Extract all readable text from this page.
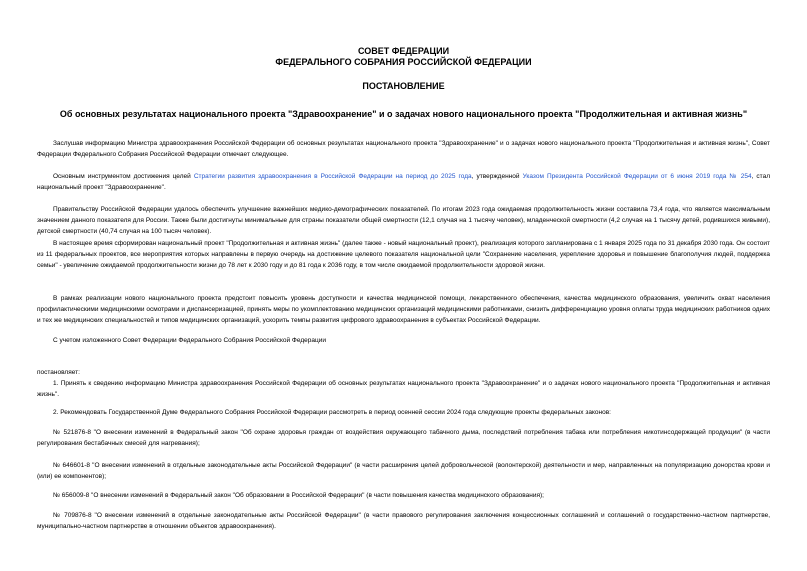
СОВЕТ ФЕДЕРАЦИИ

ФЕДЕРАЛЬНОГО СОБРАНИЯ РОССИЙСКОЙ ФЕДЕРАЦИИ

ПОСТАНОВЛЕНИЕ

Об основных результатах национального проекта "Здравоохранение" и о задачах нового национального проекта "Продолжительная и активная жизнь"

Заслушав информацию Министра здравоохранения Российской Федерации об основных результатах национального проекта "Здравоохранение" и о задачах нового национального проекта "Продолжительная и активная жизнь", Совет Федерации Федерального Собрания Российской Федерации отмечает следующее.

Основным инструментом достижения целей Стратегии развития здравоохранения в Российской Федерации на период до 2025 года, утвержденной Указом Президента Российской Федерации от 6 июня 2019 года № 254, стал национальный проект "Здравоохранение".

Правительству Российской Федерации удалось обеспечить улучшение важнейших медико-демографических показателей. По итогам 2023 года ожидаемая продолжительность жизни составила 73,4 года, что является максимальным значением данного показателя для России. Также были достигнуты минимальные для страны показатели общей смертности (12,1 случая на 1 тысячу человек), младенческой смертности (4,2 случая на 1 тысячу детей, родившихся живыми), детской смертности (40,74 случая на 100 тысяч человек).

В настоящее время сформирован национальный проект "Продолжительная и активная жизнь" (далее также - новый национальный проект), реализация которого запланирована с 1 января 2025 года по 31 декабря 2030 года. Он состоит из 11 федеральных проектов, все мероприятия которых направлены в первую очередь на достижение целевого показателя национальной цели "Сохранение населения, укрепление здоровья и повышение благополучия людей, поддержка семьи" - увеличение ожидаемой продолжительности жизни до 78 лет к 2030 году и до 81 года к 2036 году, в том числе ожидаемой продолжительности здоровой жизни.

В рамках реализации нового национального проекта предстоит повысить уровень доступности и качества медицинской помощи, лекарственного обеспечения, качества медицинского образования, увеличить охват населения профилактическими медицинскими осмотрами и диспансеризацией, принять меры по укомплектованию медицинских организаций медицинскими работниками, снизить дифференциацию уровня оплаты труда медицинских работников одних и тех же медицинских специальностей и типов медицинских организаций, ускорить темпы развития цифрового здравоохранения в субъектах Российской Федерации.

С учетом изложенного Совет Федерации Федерального Собрания Российской Федерации

постановляет:

1. Принять к сведению информацию Министра здравоохранения Российской Федерации об основных результатах национального проекта "Здравоохранение" и о задачах нового национального проекта "Продолжительная и активная жизнь".

2. Рекомендовать Государственной Думе Федерального Собрания Российской Федерации рассмотреть в период осенней сессии 2024 года следующие проекты федеральных законов:

№ 521876-8 "О внесении изменений в Федеральный закон "Об охране здоровья граждан от воздействия окружающего табачного дыма, последствий потребления табака или потребления никотинсодержащей продукции" (в части регулирования бестабачных смесей для нагревания);

№ 646601-8 "О внесении изменений в отдельные законодательные акты Российской Федерации" (в части расширения целей добровольческой (волонтерской) деятельности и мер, направленных на популяризацию донорства крови и (или) ее компонентов);

№ 656009-8 "О внесении изменений в Федеральный закон "Об образовании в Российской Федерации" (в части повышения качества медицинского образования);

№ 709876-8 "О внесении изменений в отдельные законодательные акты Российской Федерации" (в части правового регулирования заключения концессионных соглашений и соглашений о государственно-частном партнерстве, муниципально-частном партнерстве в отношении объектов здравоохранения).
